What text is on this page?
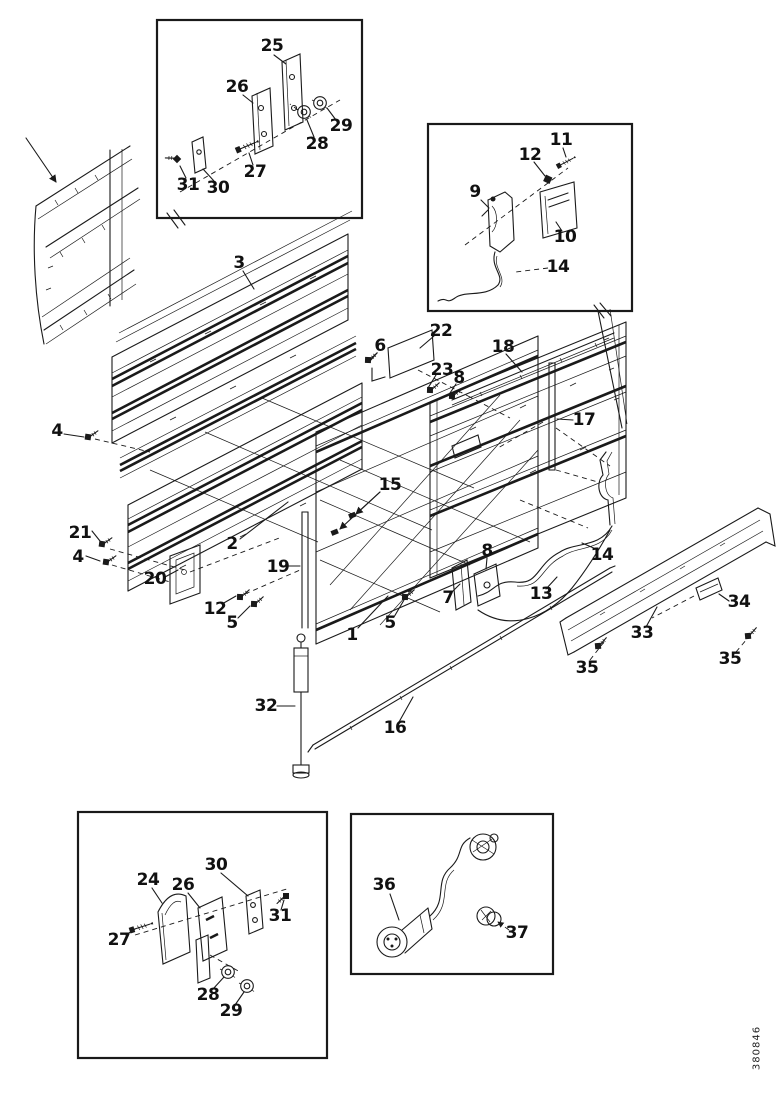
3
4
21
4
20
12
5
2
19
1
5
32
16
6
22
23 8
18
15
17
8
7	13
14
33
34
35	35
25
26
29
28
27
31 30
11
12
9
10
14
30
24 26
31
27
28
29
36
37
380846
